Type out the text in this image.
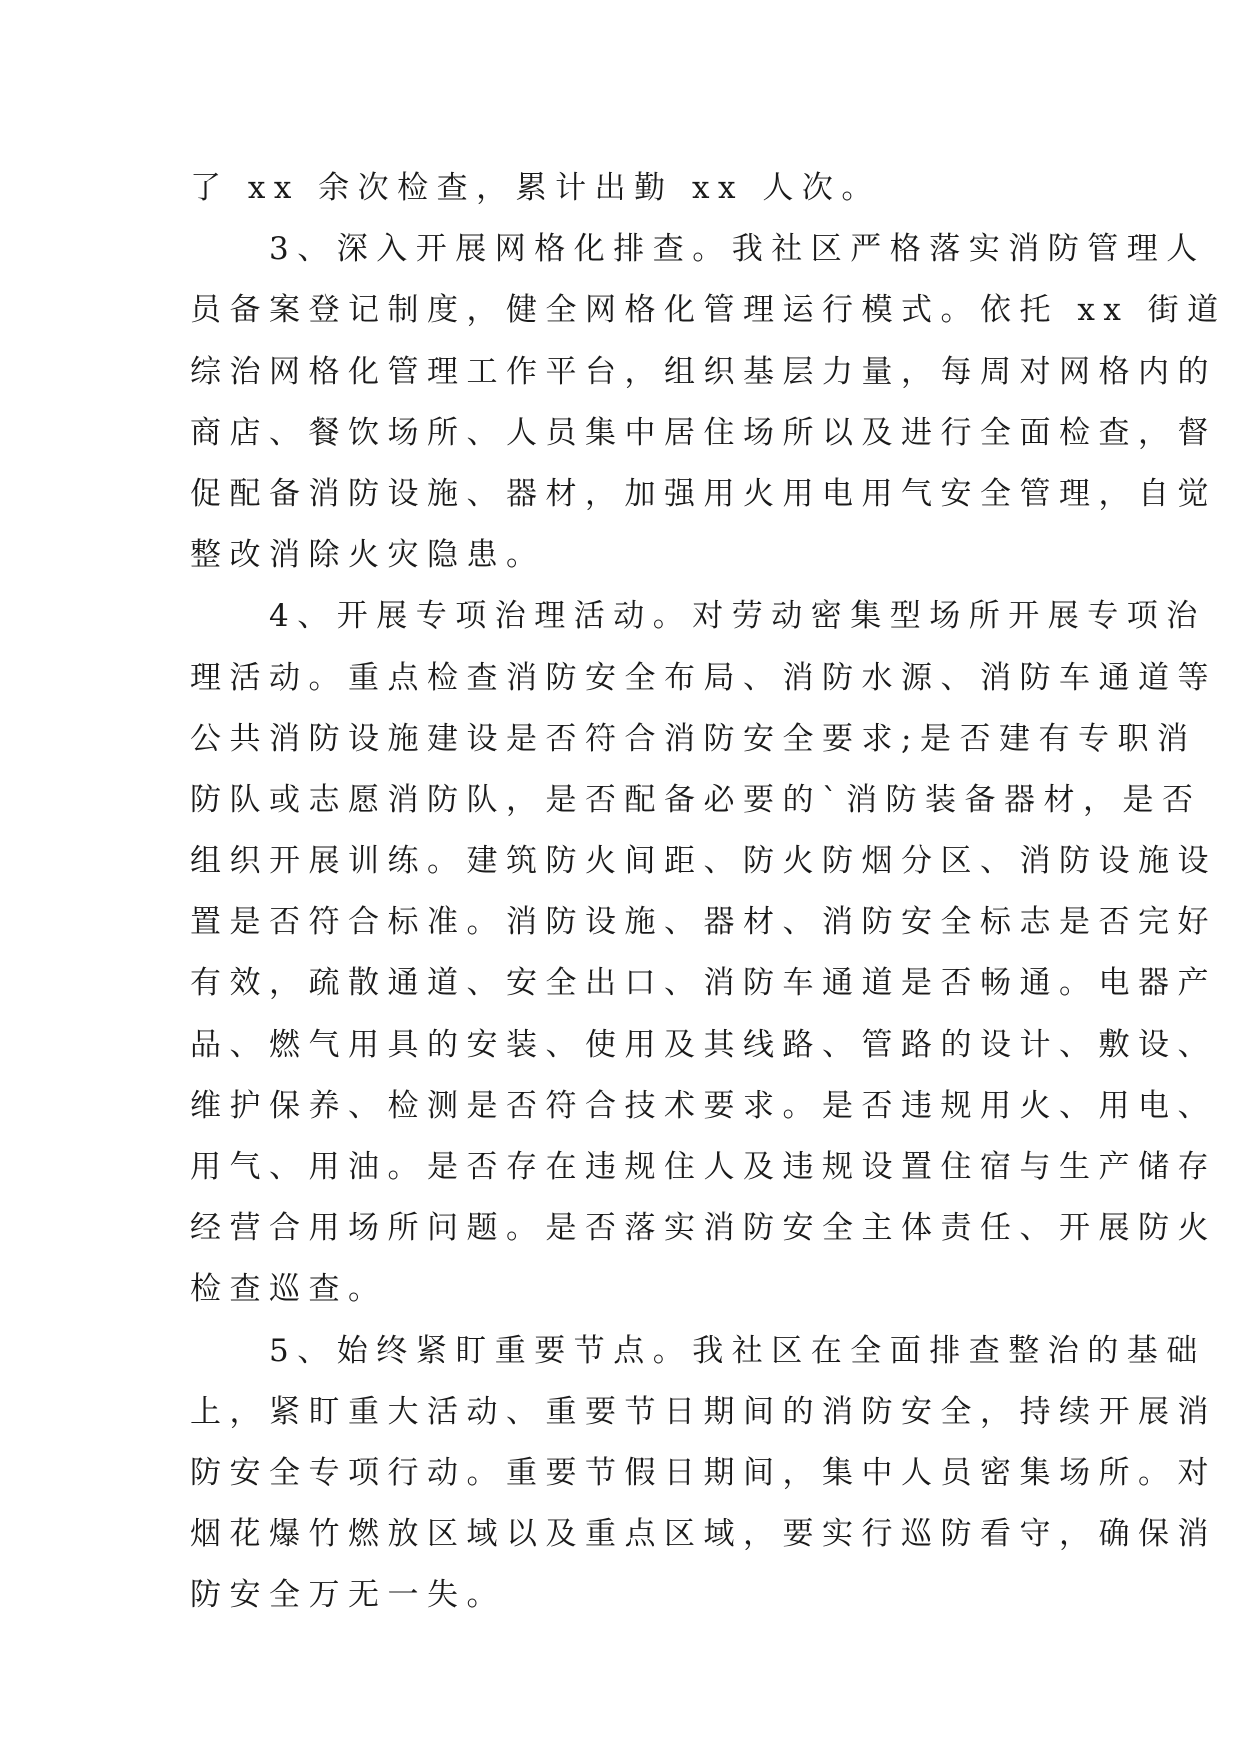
了 xx 余次检查，累计出勤 xx 人次。
　　3、深入开展网格化排查。我社区严格落实消防管理人
员备案登记制度，健全网格化管理运行模式。依托 xx 街道
综治网格化管理工作平台，组织基层力量，每周对网格内的
商店、餐饮场所、人员集中居住场所以及进行全面检查，督
促配备消防设施、器材，加强用火用电用气安全管理，自觉
整改消除火灾隐患。
　　4、开展专项治理活动。对劳动密集型场所开展专项治
理活动。重点检查消防安全布局、消防水源、消防车通道等
公共消防设施建设是否符合消防安全要求;是否建有专职消
防队或志愿消防队，是否配备必要的`消防装备器材，是否
组织开展训练。建筑防火间距、防火防烟分区、消防设施设
置是否符合标准。消防设施、器材、消防安全标志是否完好
有效，疏散通道、安全出口、消防车通道是否畅通。电器产
品、燃气用具的安装、使用及其线路、管路的设计、敷设、
维护保养、检测是否符合技术要求。是否违规用火、用电、
用气、用油。是否存在违规住人及违规设置住宿与生产储存
经营合用场所问题。是否落实消防安全主体责任、开展防火
检查巡查。
　　5、始终紧盯重要节点。我社区在全面排查整治的基础
上，紧盯重大活动、重要节日期间的消防安全，持续开展消
防安全专项行动。重要节假日期间，集中人员密集场所。对
烟花爆竹燃放区域以及重点区域，要实行巡防看守，确保消
防安全万无一失。
